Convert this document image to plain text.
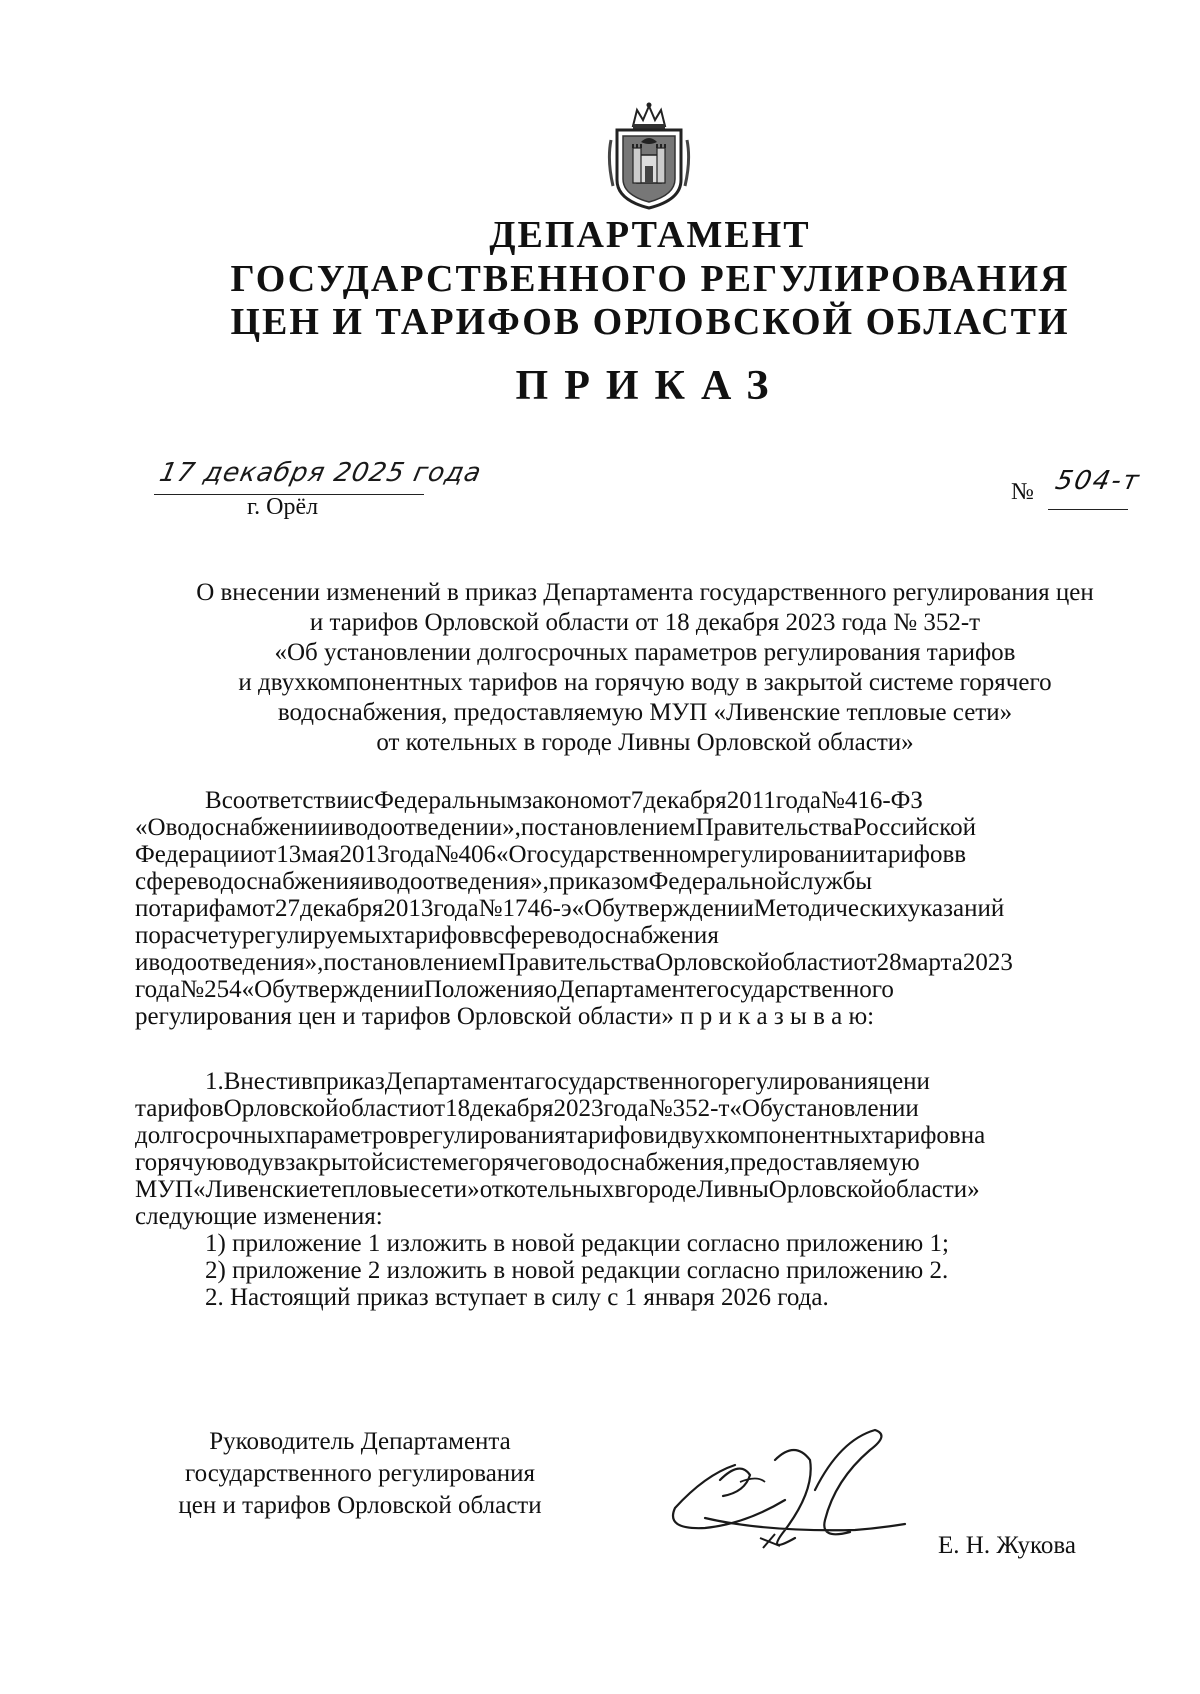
ДЕПАРТАМЕНТ
ГОСУДАРСТВЕННОГО РЕГУЛИРОВАНИЯ
ЦЕН И ТАРИФОВ ОРЛОВСКОЙ ОБЛАСТИ
ПРИКАЗ
17 декабря 2025 года
г. Орёл
№ 504-т
О внесении изменений в приказ Департамента государственного регулирования цен
и тарифов Орловской области от 18 декабря 2023 года № 352-т
«Об установлении долгосрочных параметров регулирования тарифов
и двухкомпонентных тарифов на горячую воду в закрытой системе горячего
водоснабжения, предоставляемую МУП «Ливенские тепловые сети»
от котельных в городе Ливны Орловской области»
ВсоответствиисФедеральнымзакономот7декабря2011года№416-ФЗ
«Оводоснабжениииводоотведении»,постановлениемПравительстваРоссийской
Федерацииот13мая2013года№406«Огосударственномрегулированиитарифовв
сфереводоснабженияиводоотведения»,приказомФедеральнойслужбы
потарифамот27декабря2013года№1746-э«ОбутвержденииМетодическихуказаний
порасчетурегулируемыхтарифоввсфереводоснабжения
иводоотведения»,постановлениемПравительстваОрловскойобластиот28марта2023
года№254«ОбутвержденииПоложенияоДепартаментегосударственного
регулирования цен и тарифов Орловской области» п р и к а з ы в а ю:
1.ВнестивприказДепартаментагосударственногорегулированияцени
тарифовОрловскойобластиот18декабря2023года№352-т«Обустановлении
долгосрочныхпараметроврегулированиятарифовидвухкомпонентныхтарифовна
горячуюводувзакрытойсистемегорячеговодоснабжения,предоставляемую
МУП«Ливенскиетепловыесети»откотельныхвгородеЛивныОрловскойобласти»
следующие изменения:
1) приложение 1 изложить в новой редакции согласно приложению 1;
2) приложение 2 изложить в новой редакции согласно приложению 2.
2. Настоящий приказ вступает в силу с 1 января 2026 года.
Руководитель Департамента
государственного регулирования
цен и тарифов Орловской области
Е. Н. Жукова
